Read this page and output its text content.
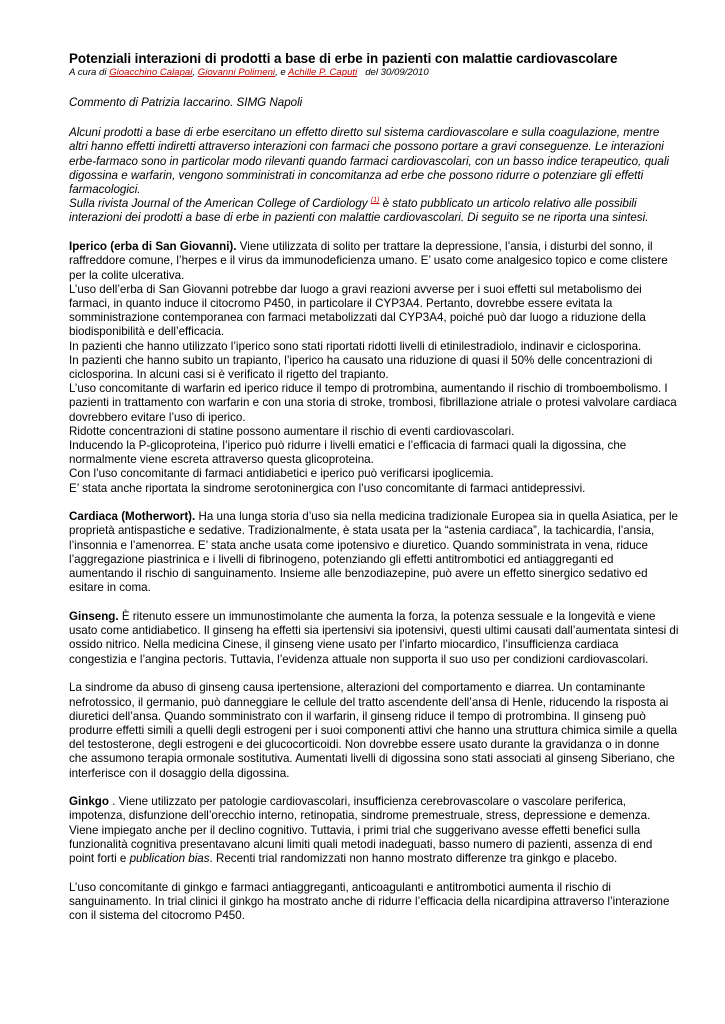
Potenziali interazioni di prodotti a base di erbe in pazienti con malattie cardiovascolare

A cura di Gioacchino Calapai, Giovanni Polimeni, e Achille P. Caputi del 30/09/2010

Commento di Patrizia Iaccarino. SIMG Napoli

Alcuni prodotti a base di erbe esercitano un effetto diretto sul sistema cardiovascolare e sulla coagulazione, mentre altri hanno effetti indiretti attraverso interazioni con farmaci che possono portare a gravi conseguenze. Le interazioni erbe-farmaco sono in particolar modo rilevanti quando farmaci cardiovascolari, con un basso indice terapeutico, quali digossina e warfarin, vengono somministrati in concomitanza ad erbe che possono ridurre o potenziare gli effetti farmacologici.

Sulla rivista Journal of the American College of Cardiology $^{(1)}$ è stato pubblicato un articolo relativo alle possibili interazioni dei prodotti a base di erbe in pazienti con malattie cardiovascolari. Di seguito se ne riporta una sintesi.

Iperico (erba di San Giovanni). Viene utilizzata di solito per trattare la depressione, l’ansia, i disturbi del sonno, il raffreddore comune, l’herpes e il virus da immunodeficienza umano. E’ usato come analgesico topico e come clistere per la colite ulcerativa.

L’uso dell’erba di San Giovanni potrebbe dar luogo a gravi reazioni avverse per i suoi effetti sul metabolismo dei farmaci, in quanto induce il citocromo P450, in particolare il CYP3A4. Pertanto, dovrebbe essere evitata la somministrazione contemporanea con farmaci metabolizzati dal CYP3A4, poiché può dar luogo a riduzione della biodisponibilità e dell’efficacia.

In pazienti che hanno utilizzato l’iperico sono stati riportati ridotti livelli di etinilestradiolo, indinavir e ciclosporina.

In pazienti che hanno subito un trapianto, l’iperico ha causato una riduzione di quasi il 50% delle concentrazioni di ciclosporina. In alcuni casi si è verificato il rigetto del trapianto.

L’uso concomitante di warfarin ed iperico riduce il tempo di protrombina, aumentando il rischio di tromboembolismo. I pazienti in trattamento con warfarin e con una storia di stroke, trombosi, fibrillazione atriale o protesi valvolare cardiaca dovrebbero evitare l’uso di iperico.

Ridotte concentrazioni di statine possono aumentare il rischio di eventi cardiovascolari.

Inducendo la P-glicoproteina, l’iperico può ridurre i livelli ematici e l’efficacia di farmaci quali la digossina, che normalmente viene escreta attraverso questa glicoproteina.

Con l’uso concomitante di farmaci antidiabetici e iperico può verificarsi ipoglicemia.

E’ stata anche riportata la sindrome serotoninergica con l’uso concomitante di farmaci antidepressivi.

Cardiaca (Motherwort). Ha una lunga storia d’uso sia nella medicina tradizionale Europea sia in quella Asiatica, per le proprietà antispastiche e sedative. Tradizionalmente, è stata usata per la “astenia cardiaca”, la tachicardia, l’ansia, l’insonnia e l’amenorrea. E’ stata anche usata come ipotensivo e diuretico. Quando somministrata in vena, riduce l’aggregazione piastrinica e i livelli di fibrinogeno, potenziando gli effetti antitrombotici ed antiaggreganti ed aumentando il rischio di sanguinamento. Insieme alle benzodiazepine, può avere un effetto sinergico sedativo ed esitare in coma.

Ginseng. È ritenuto essere un immunostimolante che aumenta la forza, la potenza sessuale e la longevità e viene usato come antidiabetico. Il ginseng ha effetti sia ipertensivi sia ipotensivi, questi ultimi causati dall’aumentata sintesi di ossido nitrico. Nella medicina Cinese, il ginseng viene usato per l’infarto miocardico, l’insufficienza cardiaca congestizia e l’angina pectoris. Tuttavia, l’evidenza attuale non supporta il suo uso per condizioni cardiovascolari.

La sindrome da abuso di ginseng causa ipertensione, alterazioni del comportamento e diarrea. Un contaminante nefrotossico, il germanio, può danneggiare le cellule del tratto ascendente dell’ansa di Henle, riducendo la risposta ai diuretici dell’ansa. Quando somministrato con il warfarin, il ginseng riduce il tempo di protrombina. Il ginseng può produrre effetti simili a quelli degli estrogeni per i suoi componenti attivi che hanno una struttura chimica simile a quella del testosterone, degli estrogeni e dei glucocorticoidi. Non dovrebbe essere usato durante la gravidanza o in donne che assumono terapia ormonale sostitutiva. Aumentati livelli di digossina sono stati associati al ginseng Siberiano, che interferisce con il dosaggio della digossina.

Ginkgo . Viene utilizzato per patologie cardiovascolari, insufficienza cerebrovascolare o vascolare periferica, impotenza, disfunzione dell’orecchio interno, retinopatia, sindrome premestruale, stress, depressione e demenza. Viene impiegato anche per il declino cognitivo. Tuttavia, i primi trial che suggerivano avesse effetti benefici sulla funzionalità cognitiva presentavano alcuni limiti quali metodi inadeguati, basso numero di pazienti, assenza di end point forti e publication bias. Recenti trial randomizzati non hanno mostrato differenze tra ginkgo e placebo.

L’uso concomitante di ginkgo e farmaci antiaggreganti, anticoagulanti e antitrombotici aumenta il rischio di sanguinamento. In trial clinici il ginkgo ha mostrato anche di ridurre l’efficacia della nicardipina attraverso l’interazione con il sistema del citocromo P450.
